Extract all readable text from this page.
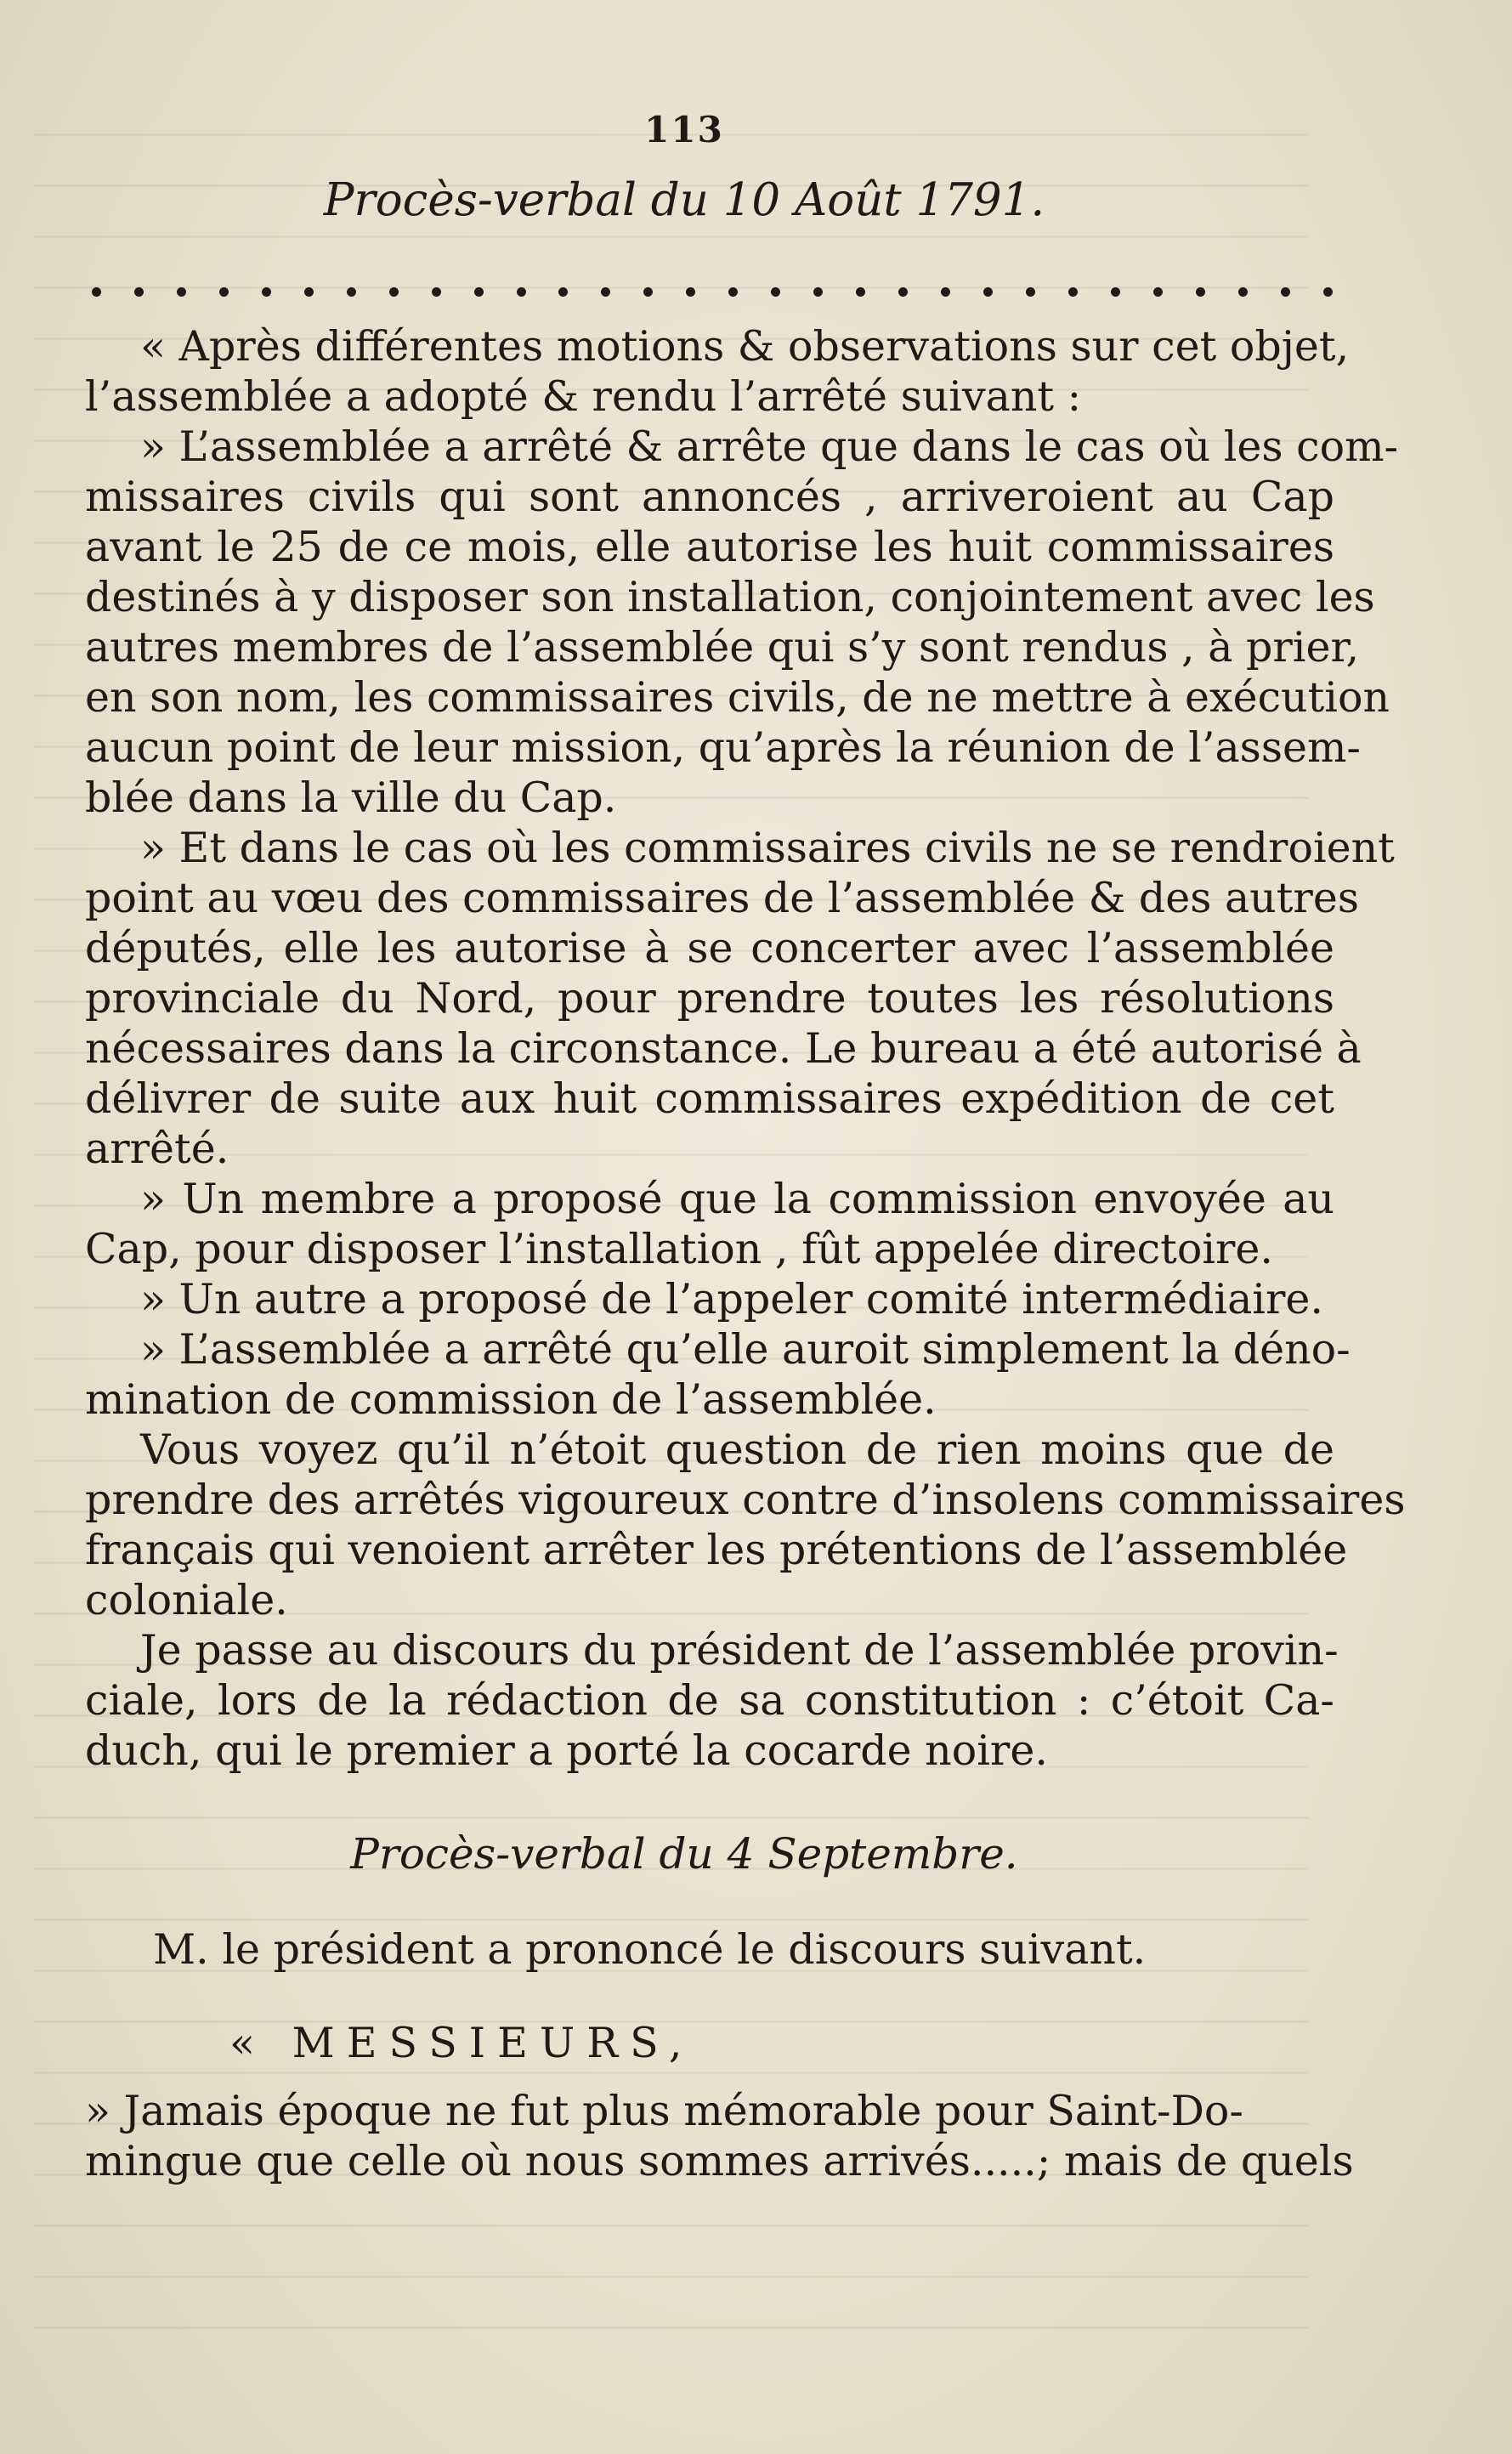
113
Procès-verbal du 10 Août 1791.
« Après différentes motions & observations sur cet objet,
l’assemblée a adopté & rendu l’arrêté suivant :
» L’assemblée a arrêté & arrête que dans le cas où les com-
missaires civils qui sont annoncés , arriveroient au Cap
avant le 25 de ce mois, elle autorise les huit commissaires
destinés à y disposer son installation, conjointement avec les
autres membres de l’assemblée qui s’y sont rendus , à prier,
en son nom, les commissaires civils, de ne mettre à exécution
aucun point de leur mission, qu’après la réunion de l’assem-
blée dans la ville du Cap.
» Et dans le cas où les commissaires civils ne se rendroient
point au vœu des commissaires de l’assemblée & des autres
députés, elle les autorise à se concerter avec l’assemblée
provinciale du Nord, pour prendre toutes les résolutions
nécessaires dans la circonstance. Le bureau a été autorisé à
délivrer de suite aux huit commissaires expédition de cet
arrêté.
» Un membre a proposé que la commission envoyée au
Cap, pour disposer l’installation , fût appelée directoire.
» Un autre a proposé de l’appeler comité intermédiaire.
» L’assemblée a arrêté qu’elle auroit simplement la déno-
mination de commission de l’assemblée.
Vous voyez qu’il n’étoit question de rien moins que de
prendre des arrêtés vigoureux contre d’insolens commissaires
français qui venoient arrêter les prétentions de l’assemblée
coloniale.
Je passe au discours du président de l’assemblée provin-
ciale, lors de la rédaction de sa constitution : c’étoit Ca-
duch, qui le premier a porté la cocarde noire.
Procès-verbal du 4 Septembre.
M. le président a prononcé le discours suivant.
« MESSIEURS,
» Jamais époque ne fut plus mémorable pour Saint-Do-
mingue que celle où nous sommes arrivés.....; mais de quels
